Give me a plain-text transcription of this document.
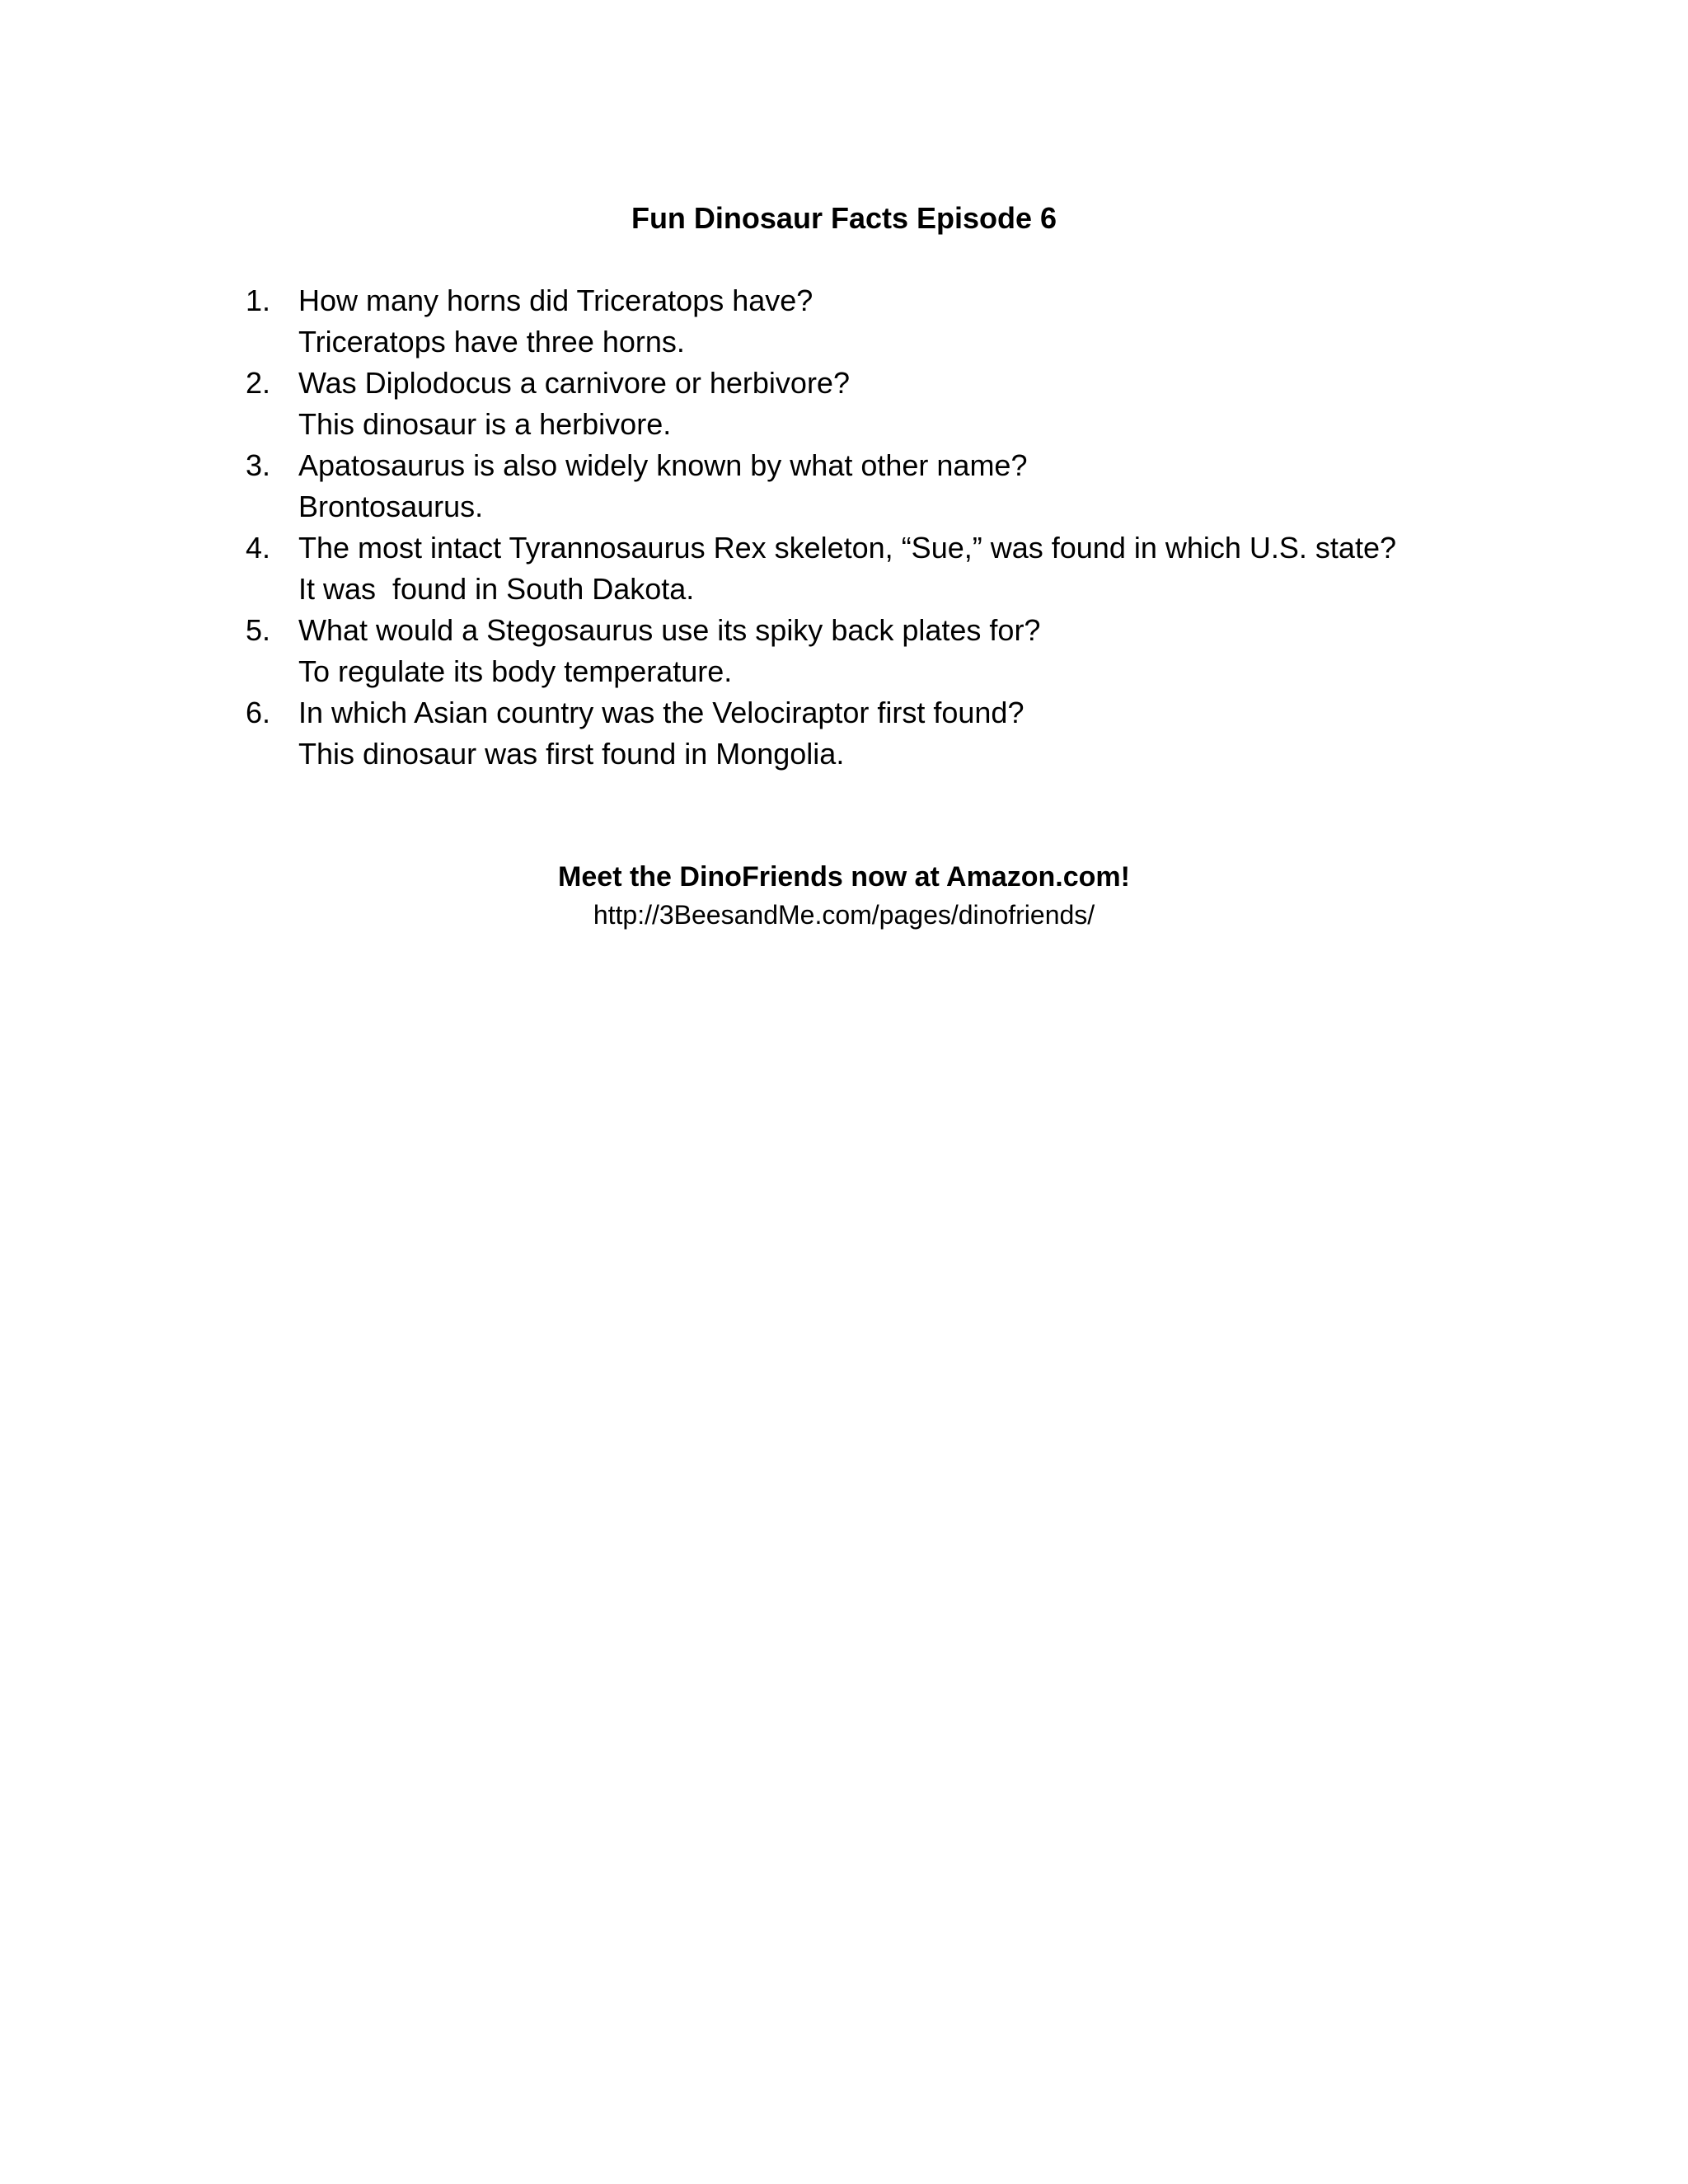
Fun Dinosaur Facts Episode 6
1. How many horns did Triceratops have?
Triceratops have three horns.
2. Was Diplodocus a carnivore or herbivore?
This dinosaur is a herbivore.
3. Apatosaurus is also widely known by what other name?
Brontosaurus.
4. The most intact Tyrannosaurus Rex skeleton, “Sue,” was found in which U.S. state?
It was  found in South Dakota.
5. What would a Stegosaurus use its spiky back plates for?
To regulate its body temperature.
6. In which Asian country was the Velociraptor first found?
This dinosaur was first found in Mongolia.

Meet the DinoFriends now at Amazon.com!

http://3BeesandMe.com/pages/dinofriends/
